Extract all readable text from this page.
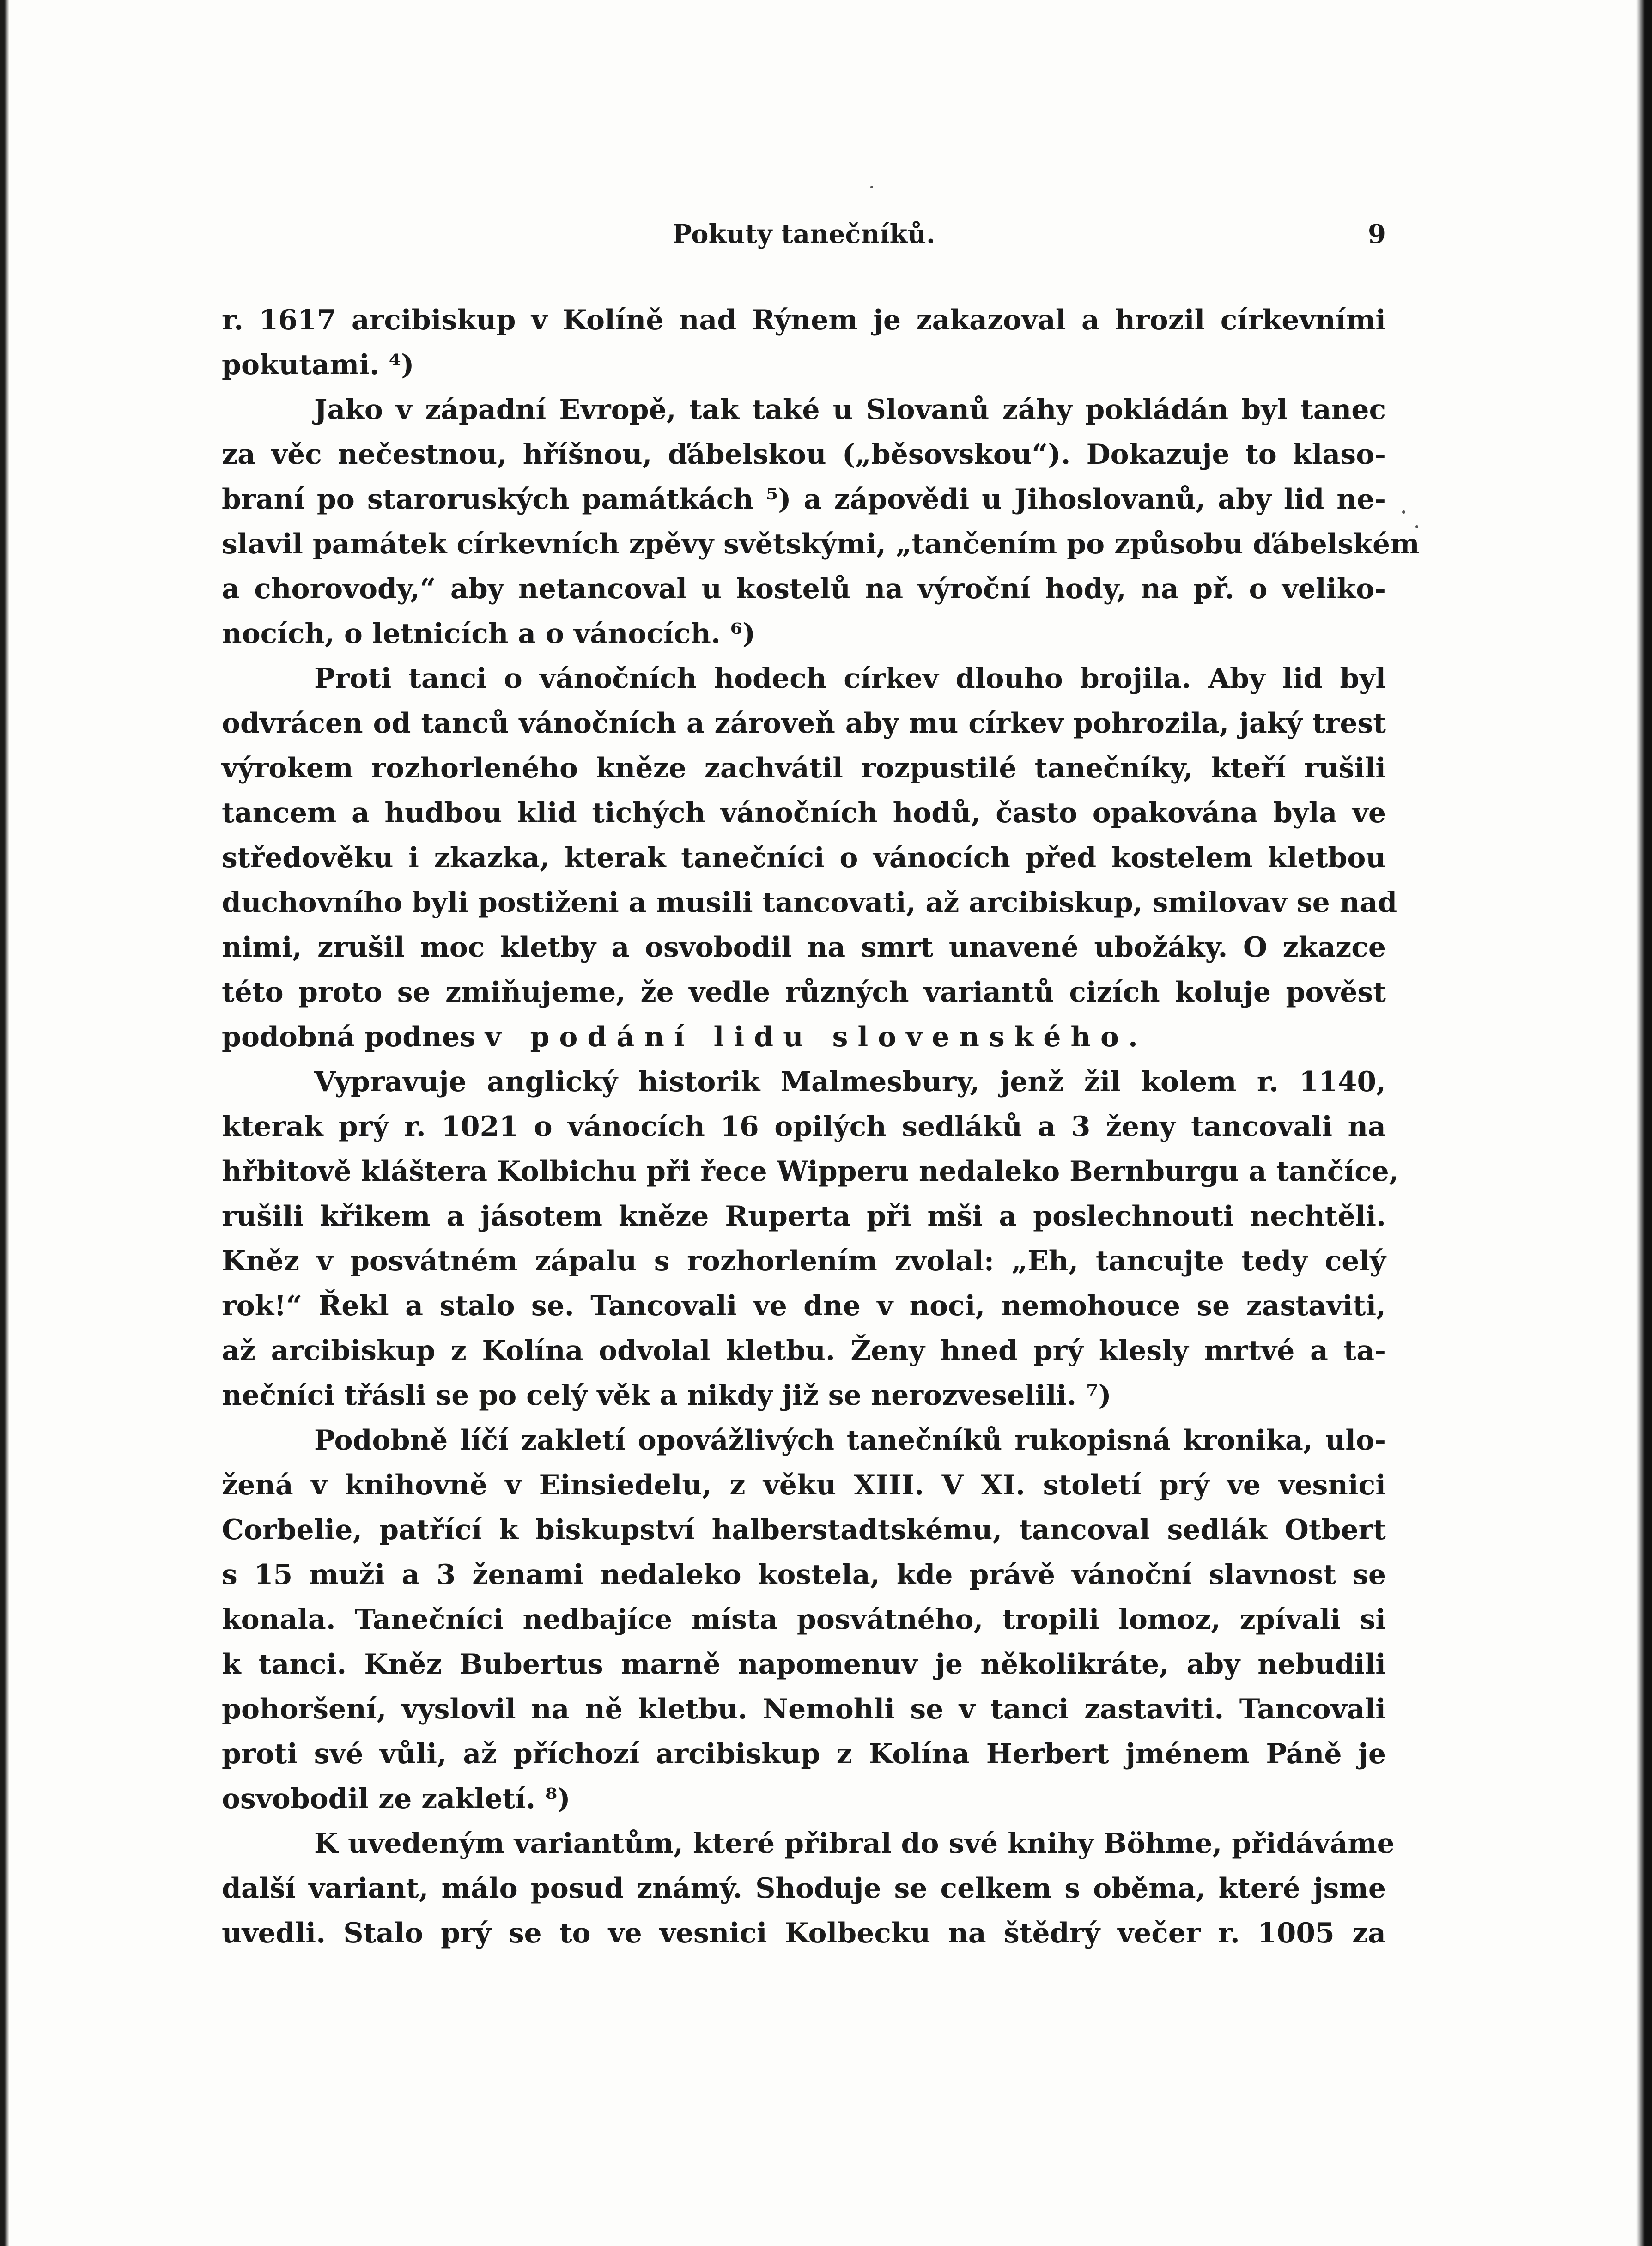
Pokuty tanečníků.	9
r. 1617 arcibiskup v Kolíně nad Rýnem je zakazoval a hrozil církevními
pokutami. ⁴)
Jako v západní Evropě, tak také u Slovanů záhy pokládán byl tanec
za věc nečestnou, hříšnou, ďábelskou („běsovskou“). Dokazuje to klaso-
braní po staroruských památkách ⁵) a zápovědi u Jihoslovanů, aby lid ne-
slavil památek církevních zpěvy světskými, „tančením po způsobu ďábelském
a chorovody,“ aby netancoval u kostelů na výroční hody, na př. o veliko-
nocích, o letnicích a o vánocích. ⁶)
Proti tanci o vánočních hodech církev dlouho brojila. Aby lid byl
odvrácen od tanců vánočních a zároveň aby mu církev pohrozila, jaký trest
výrokem rozhorleného kněze zachvátil rozpustilé tanečníky, kteří rušili
tancem a hudbou klid tichých vánočních hodů, často opakována byla ve
středověku i zkazka, kterak tanečníci o vánocích před kostelem kletbou
duchovního byli postiženi a musili tancovati, až arcibiskup, smilovav se nad
nimi, zrušil moc kletby a osvobodil na smrt unavené ubožáky. O zkazce
této proto se zmiňujeme, že vedle různých variantů cizích koluje pověst
podobná podnes v podání lidu slovenského.
Vypravuje anglický historik Malmesbury, jenž žil kolem r. 1140,
kterak prý r. 1021 o vánocích 16 opilých sedláků a 3 ženy tancovali na
hřbitově kláštera Kolbichu při řece Wipperu nedaleko Bernburgu a tančíce,
rušili křikem a jásotem kněze Ruperta při mši a poslechnouti nechtěli.
Kněz v posvátném zápalu s rozhorlením zvolal: „Eh, tancujte tedy celý
rok!“ Řekl a stalo se. Tancovali ve dne v noci, nemohouce se zastaviti,
až arcibiskup z Kolína odvolal kletbu. Ženy hned prý klesly mrtvé a ta-
nečníci třásli se po celý věk a nikdy již se nerozveselili. ⁷)
Podobně líčí zakletí opovážlivých tanečníků rukopisná kronika, ulo-
žená v knihovně v Einsiedelu, z věku XIII. V XI. století prý ve vesnici
Corbelie, patřící k biskupství halberstadtskému, tancoval sedlák Otbert
s 15 muži a 3 ženami nedaleko kostela, kde právě vánoční slavnost se
konala. Tanečníci nedbajíce místa posvátného, tropili lomoz, zpívali si
k tanci. Kněz Bubertus marně napomenuv je několikráte, aby nebudili
pohoršení, vyslovil na ně kletbu. Nemohli se v tanci zastaviti. Tancovali
proti své vůli, až příchozí arcibiskup z Kolína Herbert jménem Páně je
osvobodil ze zakletí. ⁸)
K uvedeným variantům, které přibral do své knihy Böhme, přidáváme
další variant, málo posud známý. Shoduje se celkem s oběma, které jsme
uvedli. Stalo prý se to ve vesnici Kolbecku na štědrý večer r. 1005 za
